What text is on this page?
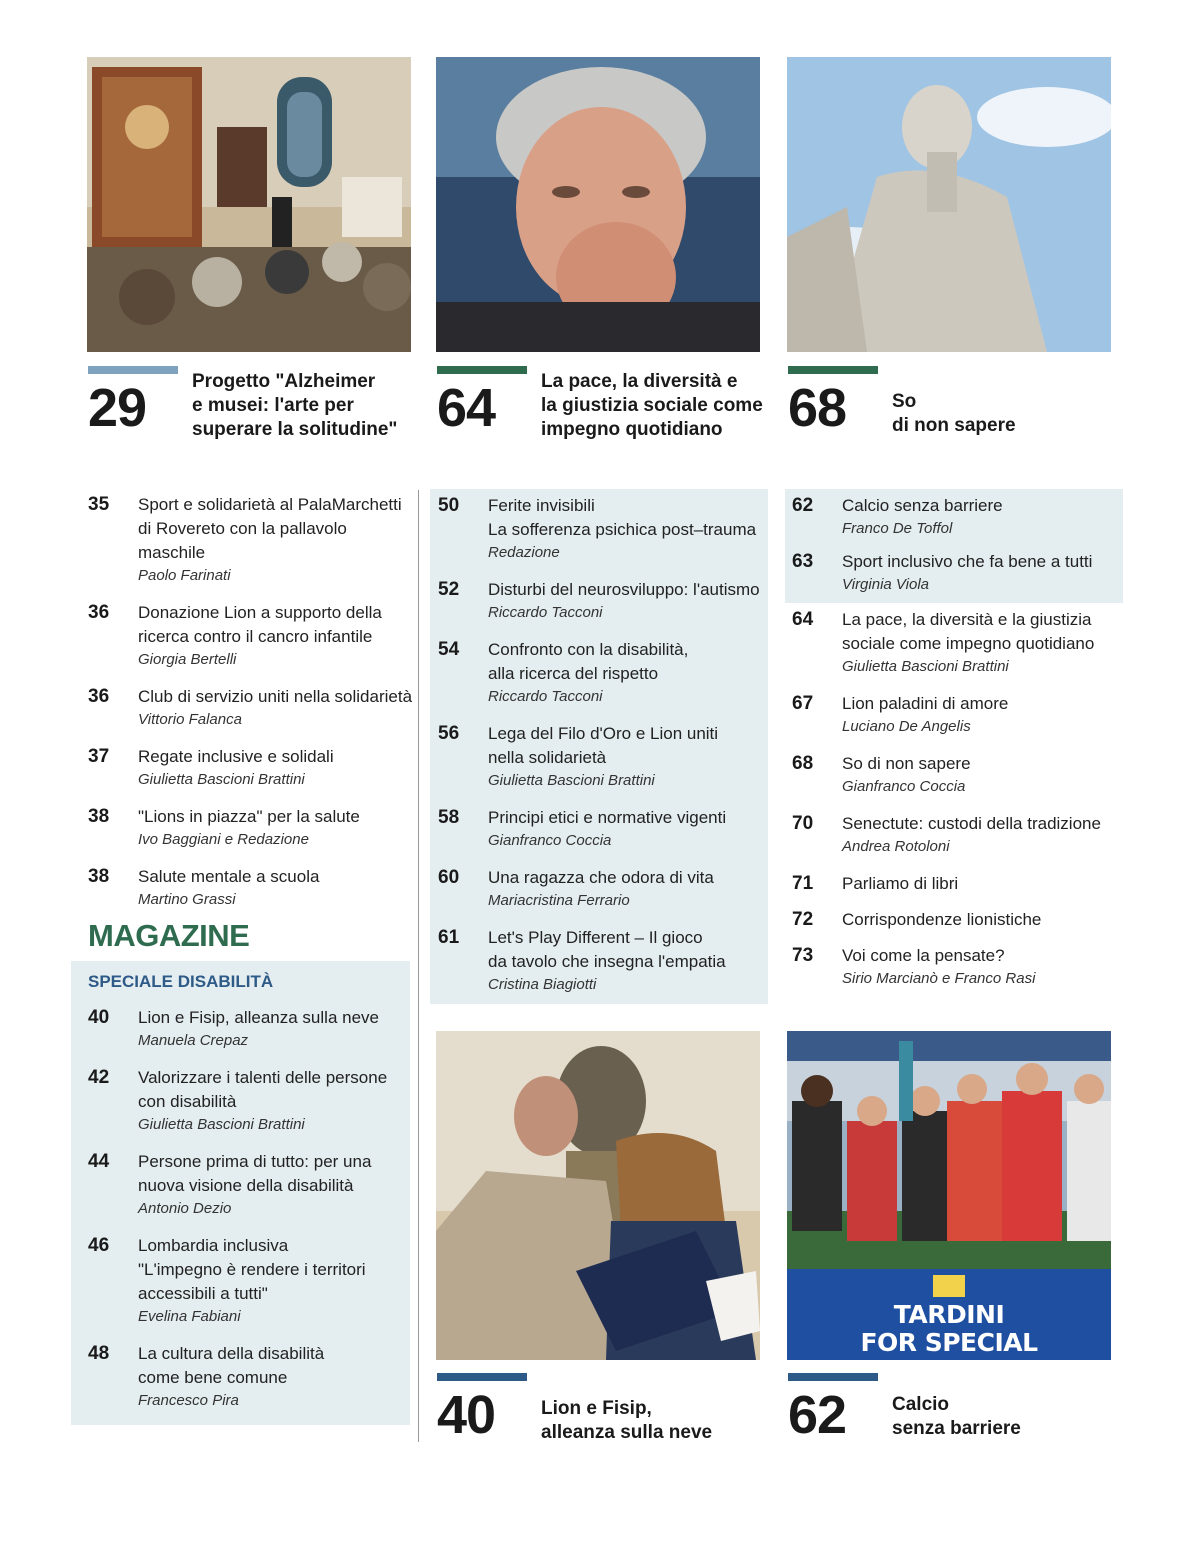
29 Progetto "Alzheimer
e musei: l'arte per
superare la solitudine" 64 La pace, la diversità e
la giustizia sociale come
impegno quotidiano	68 So
di non sapere
35 Sport e solidarietà al PalaMarchetti
di Rovereto con la pallavolo maschile
Paolo Farinati
36 Donazione Lion a supporto della
ricerca contro il cancro infantile
Giorgia Bertelli
36 Club di servizio uniti nella solidarietà
Vittorio Falanca
37 Regate inclusive e solidali
Giulietta Bascioni Brattini
38 "Lions in piazza" per la salute
Ivo Baggiani e Redazione
38 Salute mentale a scuola
Martino Grassi
MAGAZINE
SPECIALE DISABILITÀ
40 Lion e Fisip, alleanza sulla neve
Manuela Crepaz
42 Valorizzare i talenti delle persone
con disabilità
Giulietta Bascioni Brattini
44 Persone prima di tutto: per una
nuova visione della disabilità
Antonio Dezio
46 Lombardia inclusiva
"L'impegno è rendere i territori
accessibili a tutti"
Evelina Fabiani
48 La cultura della disabilità
come bene comune
Francesco Pira
50 Ferite invisibili
La sofferenza psichica post–trauma
Redazione
52 Disturbi del neurosviluppo: l'autismo
Riccardo Tacconi
54 Confronto con la disabilità,
alla ricerca del rispetto
Riccardo Tacconi
56 Lega del Filo d'Oro e Lion uniti
nella solidarietà
Giulietta Bascioni Brattini
58 Principi etici e normative vigenti
Gianfranco Coccia
60 Una ragazza che odora di vita
Mariacristina Ferrario
61 Let's Play Different – Il gioco
da tavolo che insegna l'empatia
Cristina Biagiotti
62 Calcio senza barriere
Franco De Toffol
63 Sport inclusivo che fa bene a tutti
Virginia Viola
64 La pace, la diversità e la giustizia
sociale come impegno quotidiano
Giulietta Bascioni Brattini
67 Lion paladini di amore
Luciano De Angelis
68 So di non sapere
Gianfranco Coccia
70 Senectute: custodi della tradizione
Andrea Rotoloni
71 Parliamo di libri
72 Corrispondenze lionistiche
73 Voi come la pensate?
Sirio Marcianò e Franco Rasi
TARDINI
FOR SPECIAL
40 Lion e Fisip,
alleanza sulla neve 62 Calcio
senza barriere
